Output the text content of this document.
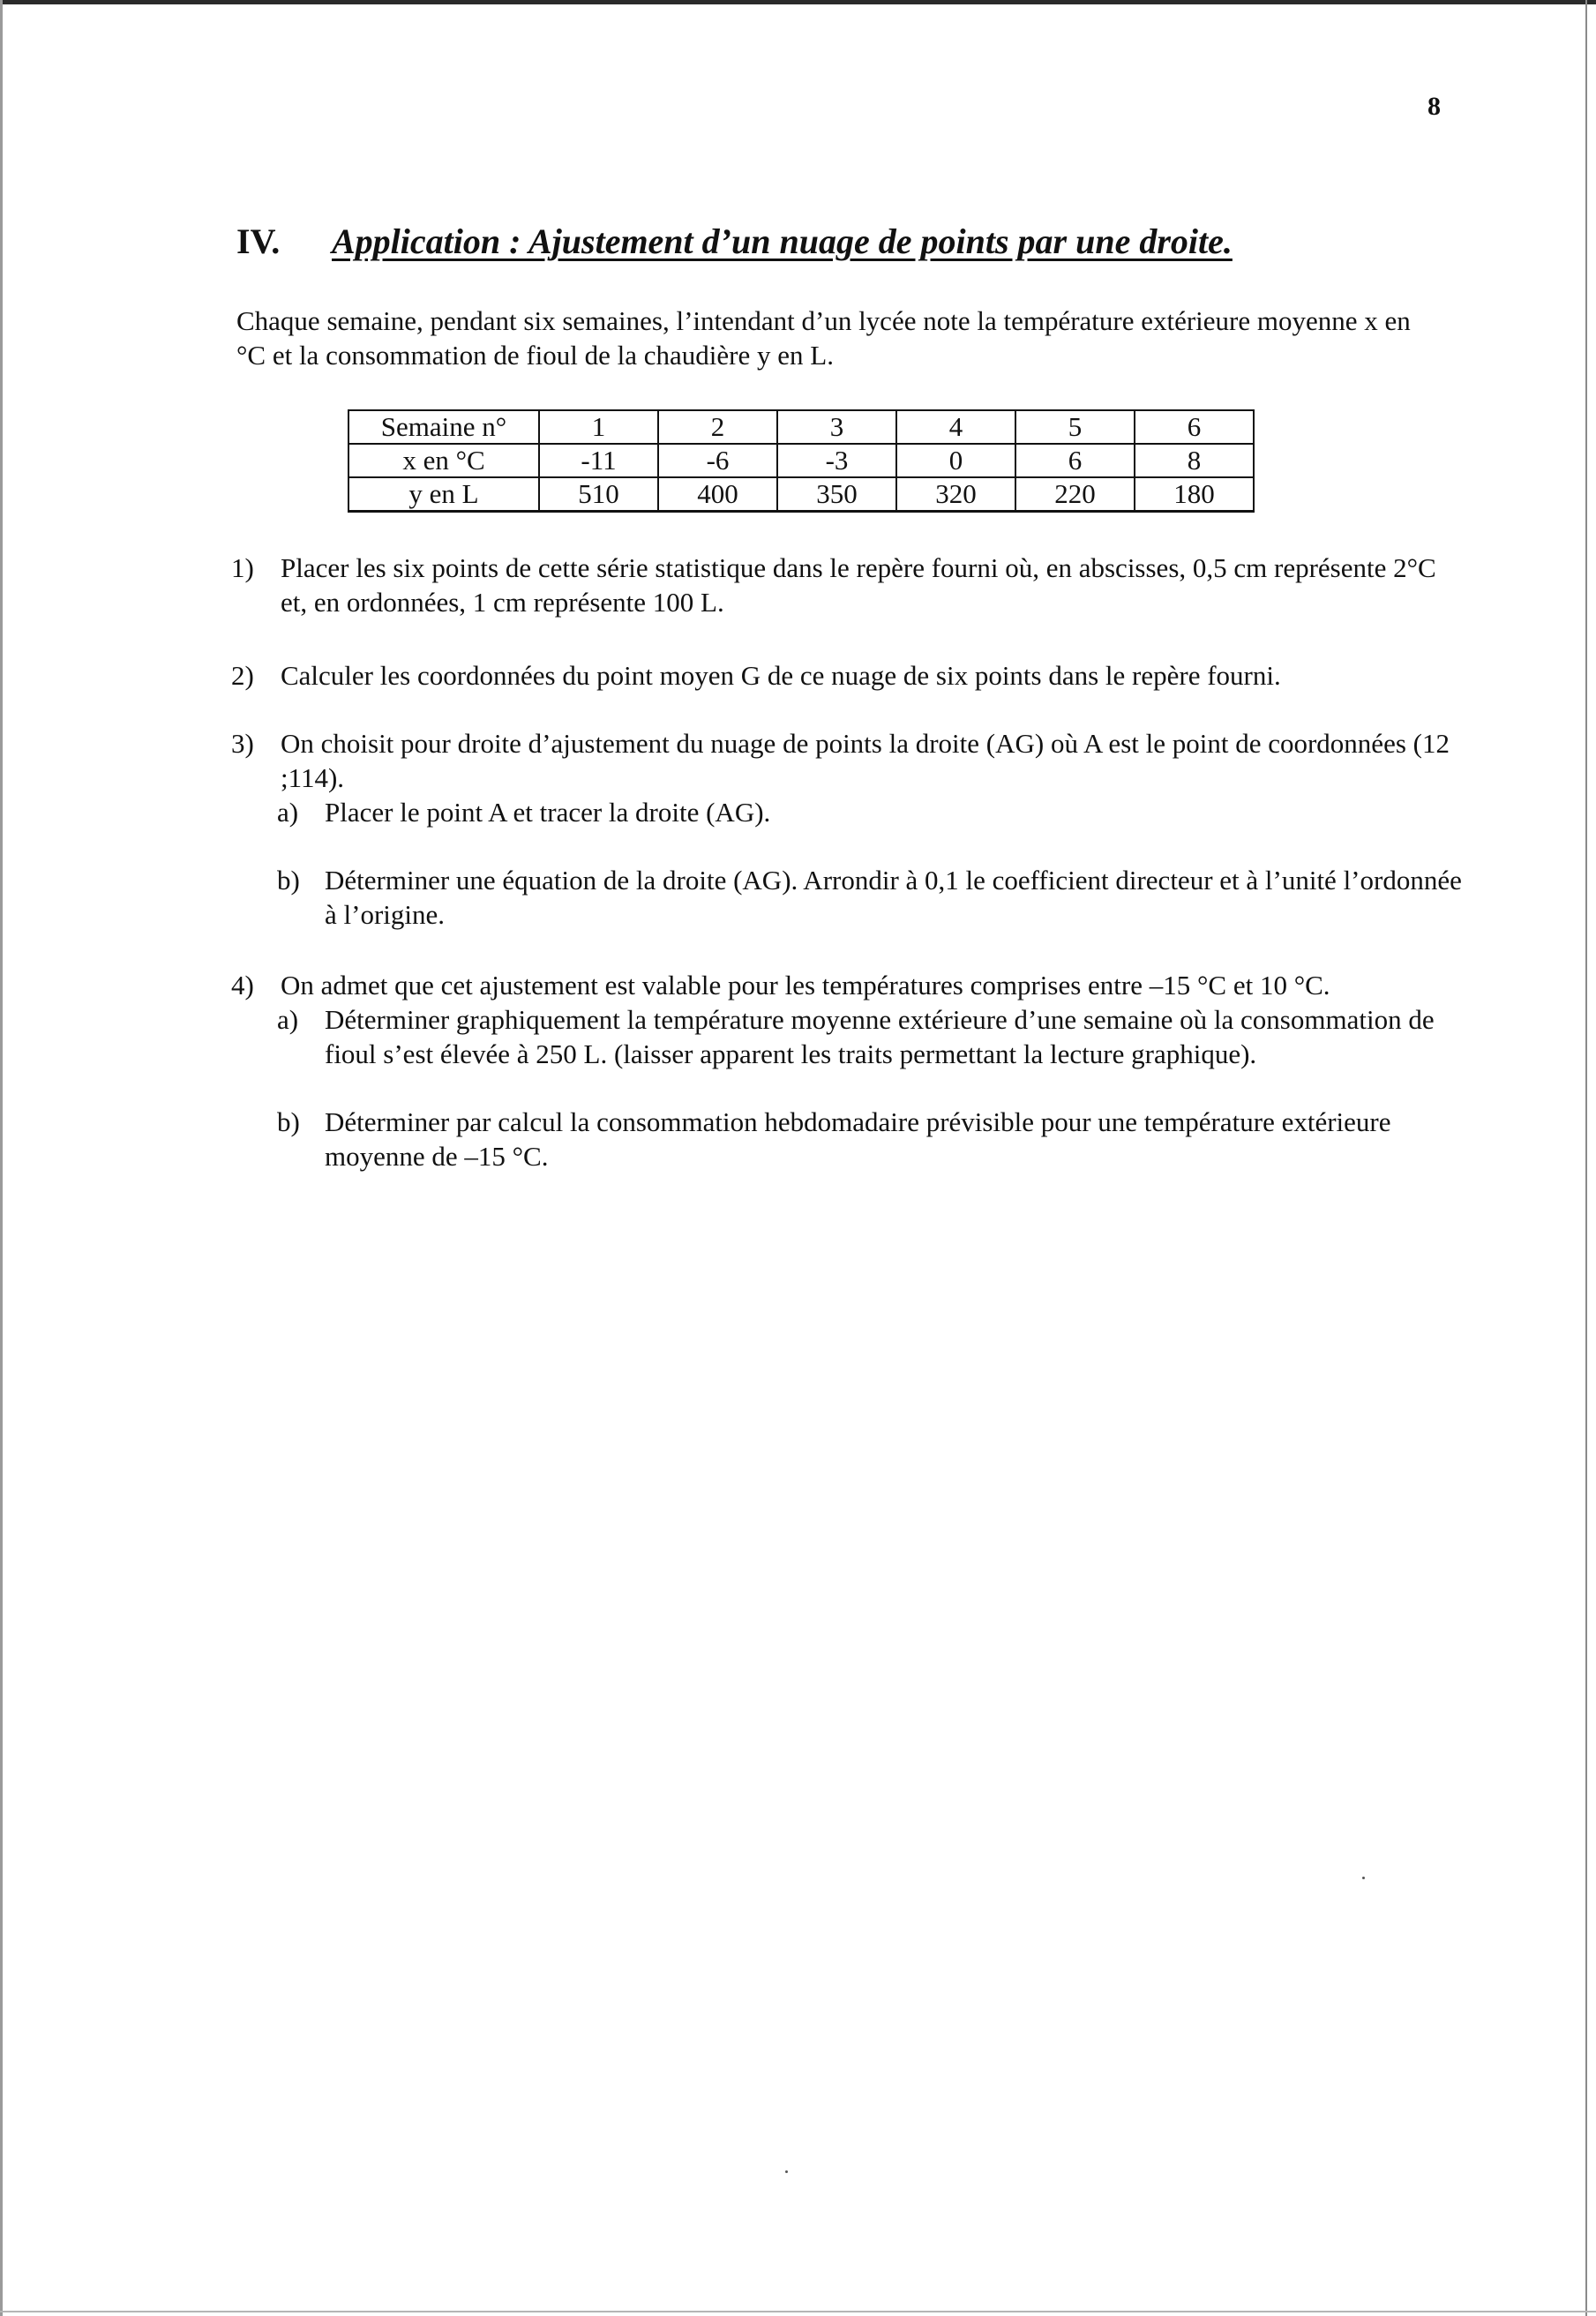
8
IV. Application : Ajustement d’un nuage de points par une droite.
Chaque semaine, pendant six semaines, l’intendant d’un lycée note la température extérieure moyenne x en °C et la consommation de fioul de la chaudière y en L.
Semaine n°	1	2	3	4	5	6
x en °C	-11	-6	-3	0	6	8
y en L	510	400	350	320	220	180
1) Placer les six points de cette série statistique dans le repère fourni où, en abscisses, 0,5 cm représente 2°C et, en ordonnées, 1 cm représente 100 L.
2) Calculer les coordonnées du point moyen G de ce nuage de six points dans le repère fourni.
3) On choisit pour droite d’ajustement du nuage de points la droite (AG) où A est le point de coordonnées (12 ;114).
a) Placer le point A et tracer la droite (AG).
b) Déterminer une équation de la droite (AG). Arrondir à 0,1 le coefficient directeur et à l’unité l’ordonnée à l’origine.
4) On admet que cet ajustement est valable pour les températures comprises entre –15 °C et 10 °C.
a) Déterminer graphiquement la température moyenne extérieure d’une semaine où la consommation de fioul s’est élevée à 250 L. (laisser apparent les traits permettant la lecture graphique).
b) Déterminer par calcul la consommation hebdomadaire prévisible pour une température extérieure moyenne de –15 °C.
